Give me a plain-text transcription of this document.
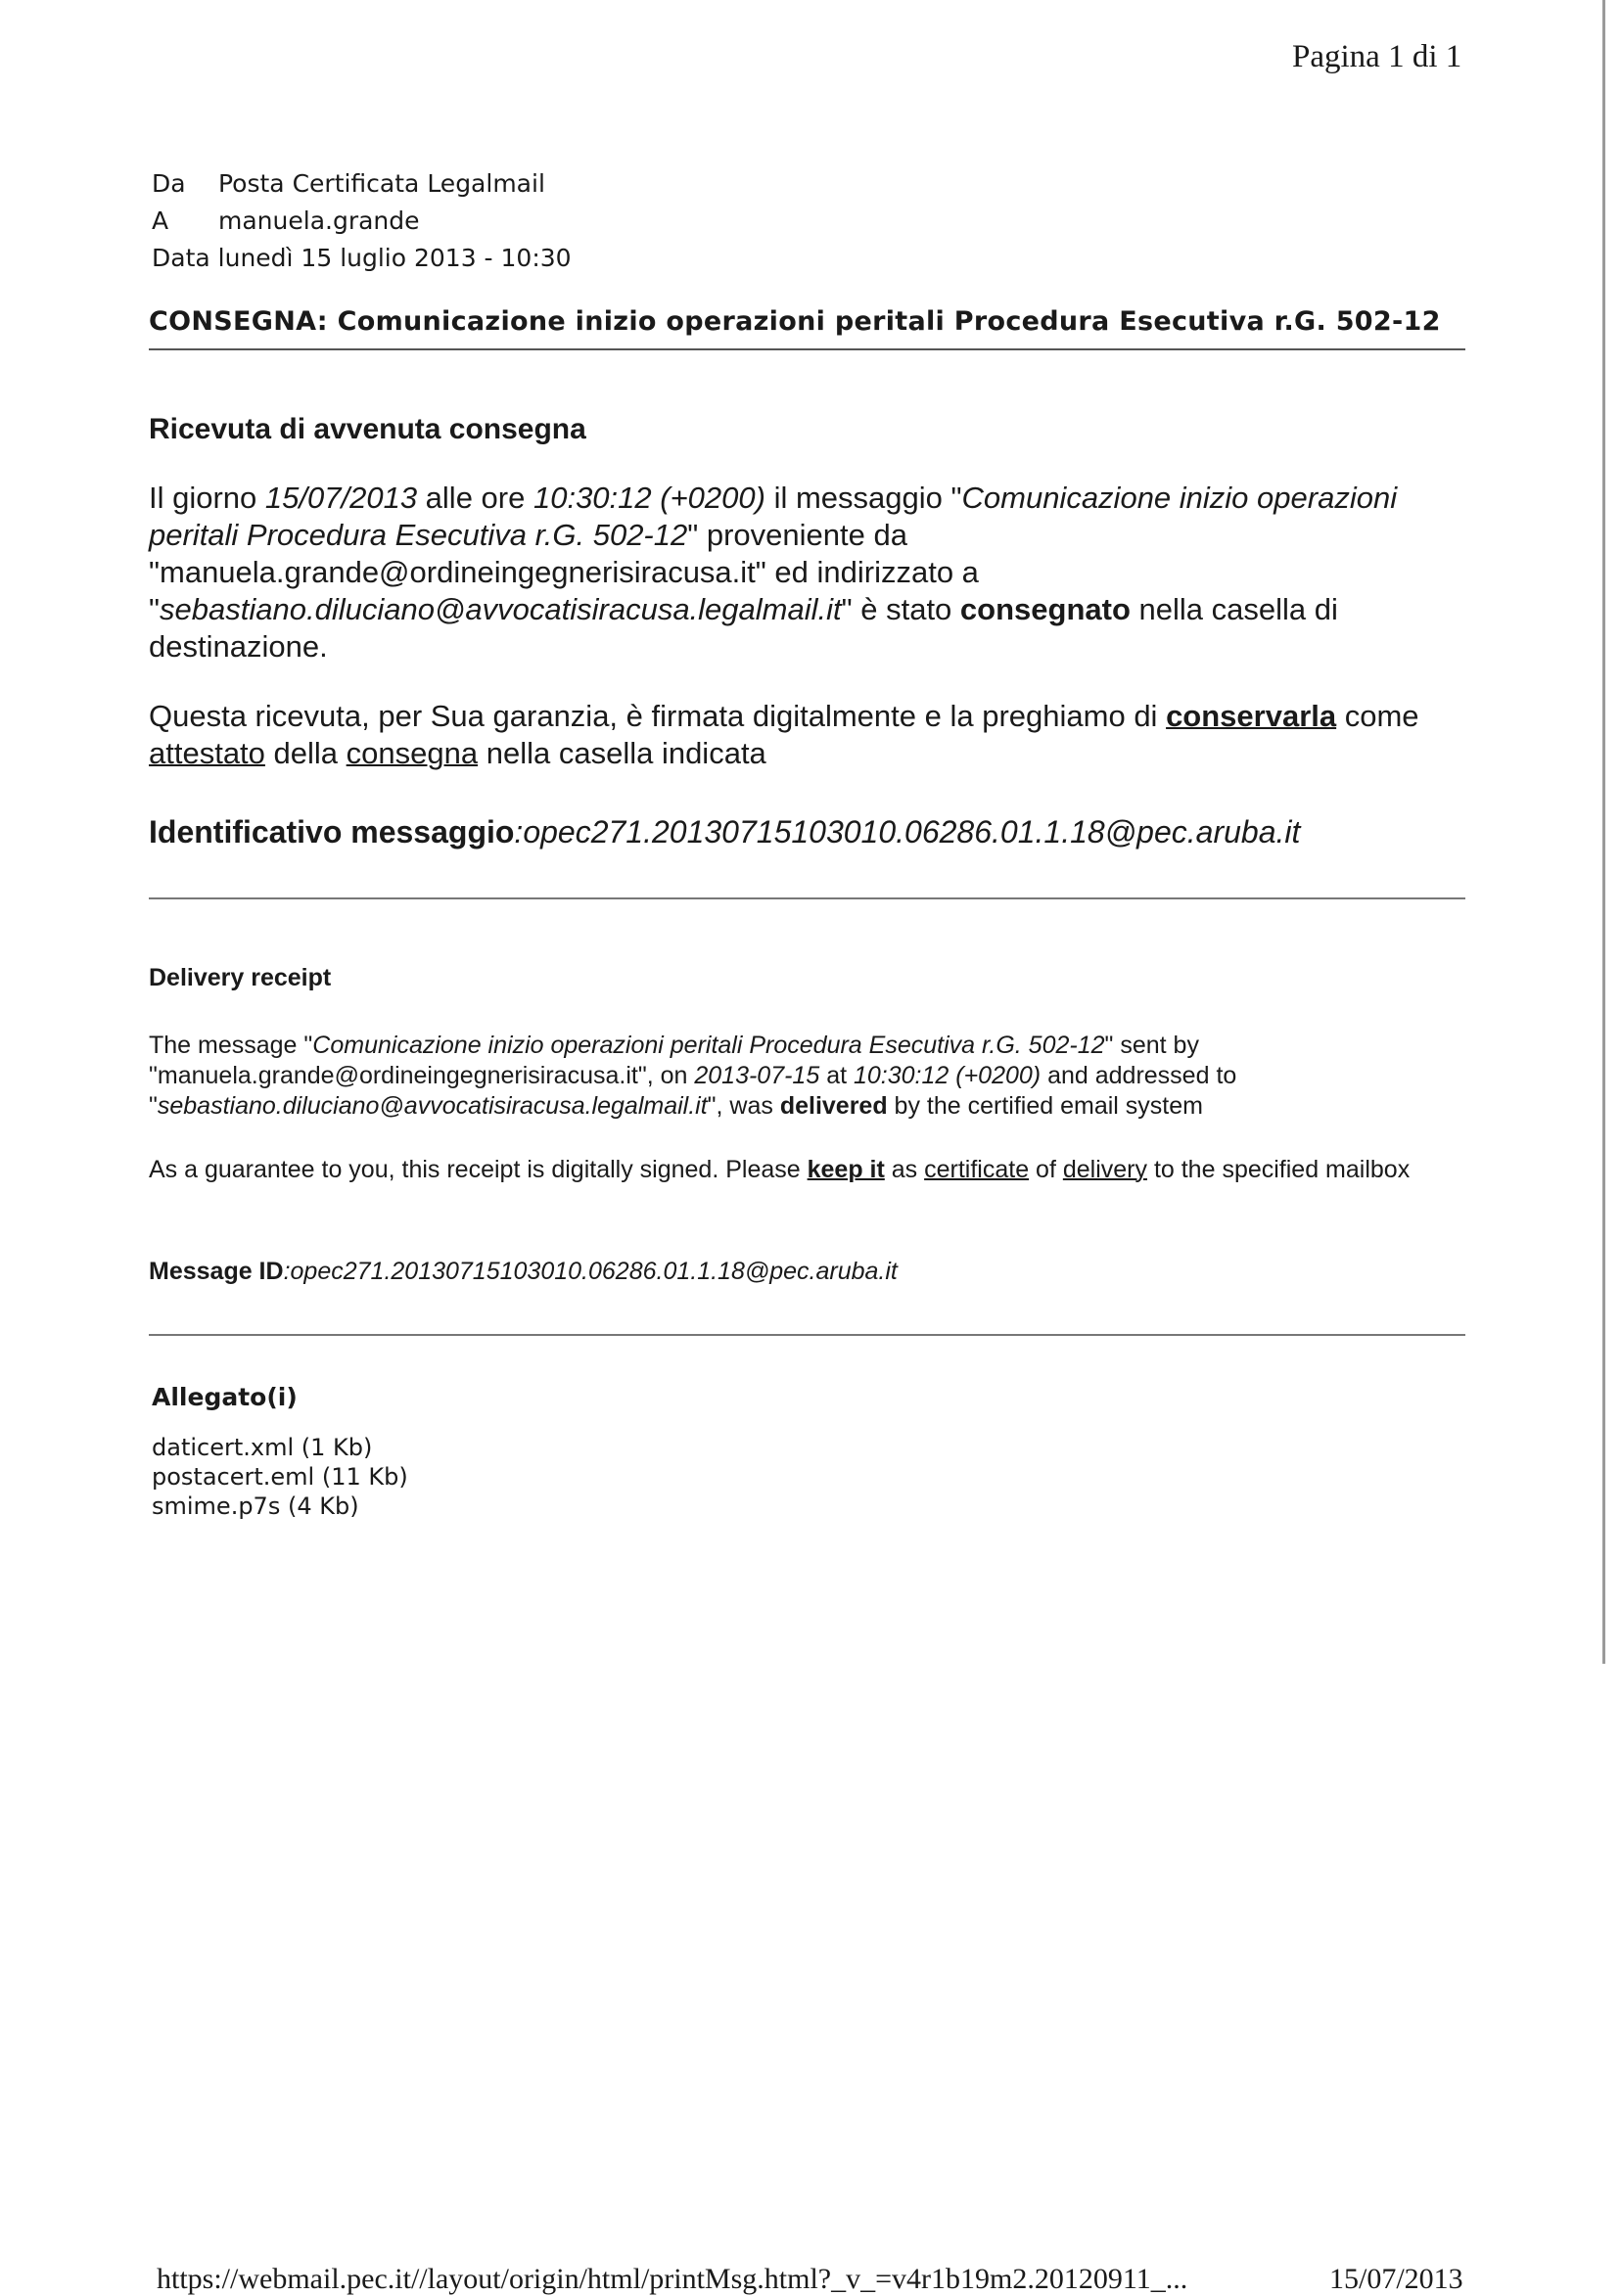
Pagina 1 di 1
Da Posta Certificata Legalmail
A manuela.grande
Data lunedì 15 luglio 2013 - 10:30
CONSEGNA: Comunicazione inizio operazioni peritali Procedura Esecutiva r.G. 502-12
Ricevuta di avvenuta consegna
Il giorno 15/07/2013 alle ore 10:30:12 (+0200) il messaggio "Comunicazione inizio operazioni peritali Procedura Esecutiva r.G. 502-12" proveniente da "manuela.grande@ordineingegnerisiracusa.it" ed indirizzato a "sebastiano.diluciano@avvocatisiracusa.legalmail.it" è stato consegnato nella casella di destinazione.
Questa ricevuta, per Sua garanzia, è firmata digitalmente e la preghiamo di conservarla come attestato della consegna nella casella indicata
Identificativo messaggio:opec271.20130715103010.06286.01.1.18@pec.aruba.it
Delivery receipt
The message "Comunicazione inizio operazioni peritali Procedura Esecutiva r.G. 502-12" sent by "manuela.grande@ordineingegnerisiracusa.it", on 2013-07-15 at 10:30:12 (+0200) and addressed to "sebastiano.diluciano@avvocatisiracusa.legalmail.it", was delivered by the certified email system
As a guarantee to you, this receipt is digitally signed. Please keep it as certificate of delivery to the specified mailbox
Message ID:opec271.20130715103010.06286.01.1.18@pec.aruba.it
Allegato(i)
daticert.xml (1 Kb)
postacert.eml (11 Kb)
smime.p7s (4 Kb)
https://webmail.pec.it//layout/origin/html/printMsg.html?_v_=v4r1b19m2.20120911_...	15/07/2013
